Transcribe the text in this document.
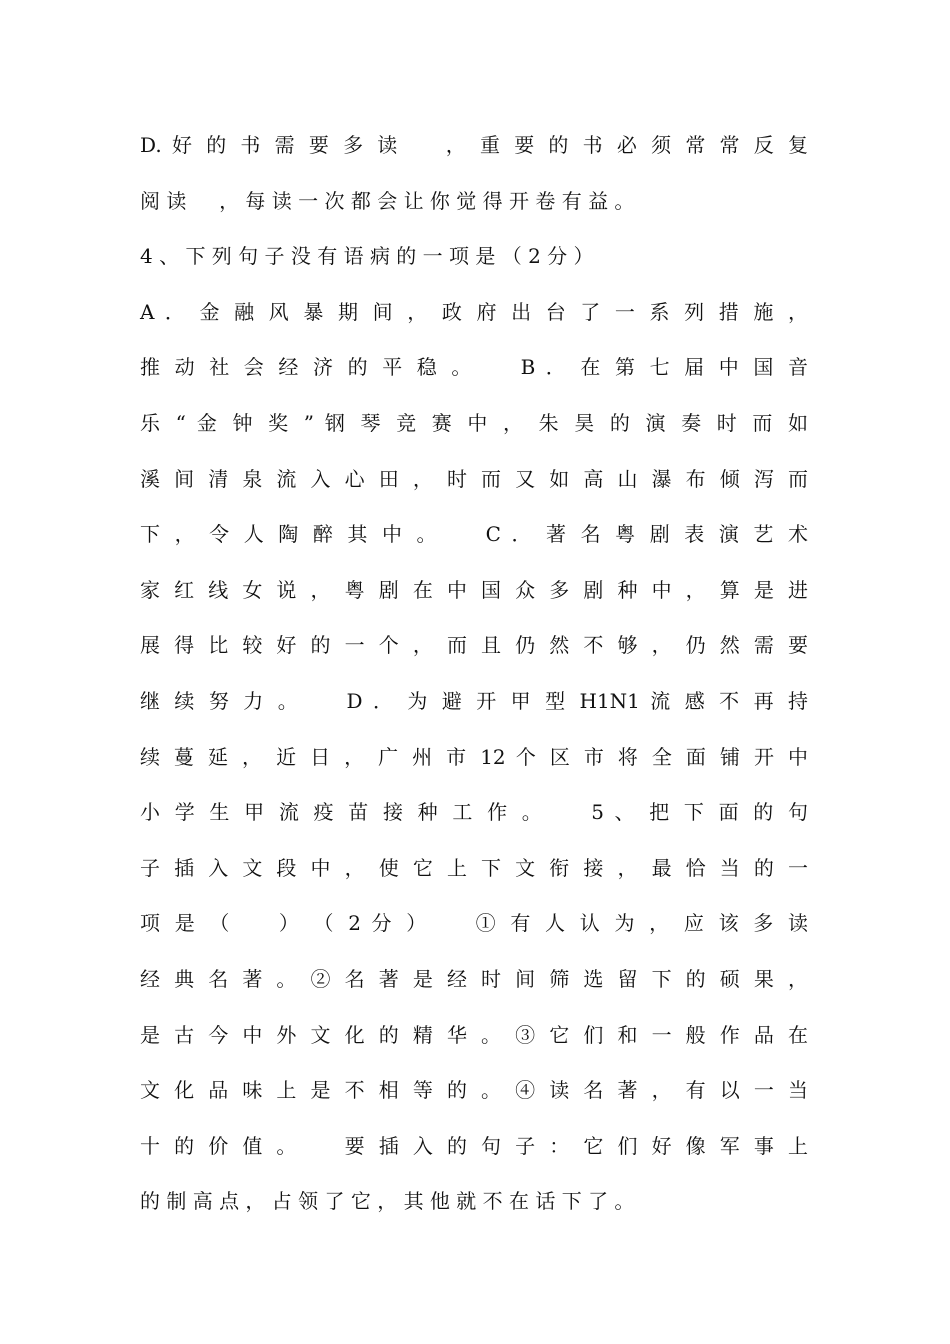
D. 好 的 书 需 要 多 读 　 ， 重 要 的 书 必 须 常 常 反 复
阅 读 　 ， 每 读 一 次 都 会 让 你 觉 得 开 卷 有 益 。
4 、 下 列 句 子 没 有 语 病 的 一 项 是 （ 2 分 ）
A ． 金 融 风 暴 期 间 ， 政 府 出 台 了 一 系 列 措 施 ，
推 动 社 会 经 济 的 平 稳 。 　 B ． 在 第 七 届 中 国 音
乐 “ 金 钟 奖 ” 钢 琴 竞 赛 中 ， 朱 昊 的 演 奏 时 而 如
溪 间 清 泉 流 入 心 田 ， 时 而 又 如 高 山 瀑 布 倾 泻 而
下 ， 令 人 陶 醉 其 中 。 　 C ． 著 名 粤 剧 表 演 艺 术
家 红 线 女 说 ， 粤 剧 在 中 国 众 多 剧 种 中 ， 算 是 进
展 得 比 较 好 的 一 个 ， 而 且 仍 然 不 够 ， 仍 然 需 要
继 续 努 力 。 　 D ． 为 避 开 甲 型 H1N1 流 感 不 再 持
续 蔓 延 ， 近 日 ， 广 州 市 12 个 区 市 将 全 面 铺 开 中
小 学 生 甲 流 疫 苗 接 种 工 作 。 　 5 、 把 下 面 的 句
子 插 入 文 段 中 ， 使 它 上 下 文 衔 接 ， 最 恰 当 的 一
项 是 （ 　 ） （ 2 分 ） 　 ① 有 人 认 为 ， 应 该 多 读
经 典 名 著 。 ② 名 著 是 经 时 间 筛 选 留 下 的 硕 果 ，
是 古 今 中 外 文 化 的 精 华 。 ③ 它 们 和 一 般 作 品 在
文 化 品 味 上 是 不 相 等 的 。 ④ 读 名 著 ， 有 以 一 当
十 的 价 值 。 　 要 插 入 的 句 子 ： 它 们 好 像 军 事 上
的 制 高 点 ， 占 领 了 它 ， 其 他 就 不 在 话 下 了 。
